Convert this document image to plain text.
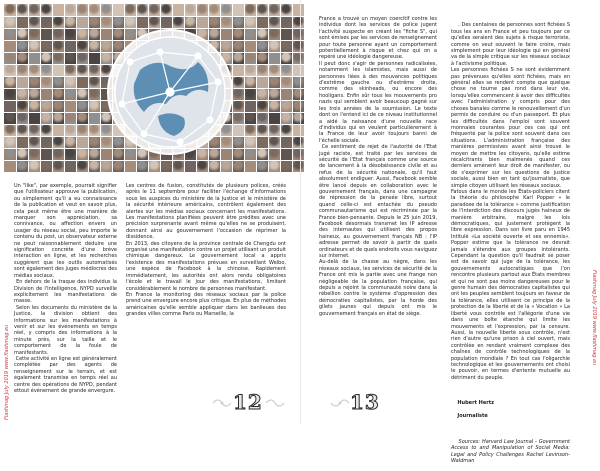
Un "like", par exemple, pourrait signifier que l'utilisateur approuve la publication, ou simplement qu'il a eu connaissance de la publication et veut en savoir plus, cela peut même être une manière de marquer son appréciation, sa connivance, ou affection envers un usager du réseau social, peu importe le contenu du post, un observateur externe ne peut raisonnablement déduire une signification concrète d'une brève interaction en ligne, et les recherches suggèrent que les outils automatisés sont également des juges médiocres des médias sociaux.
En dehors de la traque des individus la Division de l'Intelligence, NYPD surveille explicitement les manifestations de masse.
Selon les documents du ministère de la Justice, la division obtient des informations sur les manifestations à venir et sur les événements en temps réel, y compris des informations à la minute près, sur la taille et le comportement de la foule de manifestants.
Cette activité en ligne est généralement complétée par des agents de renseignement sur le terrain, et est également transmise en temps réel au centre des opérations de NYPD, pendant ettout événement de grande envergure.
Les centres de fusion, constitutés de plusieurs polices, créés après le 11 septembre pour faciliter l'échange d'informations sous les auspices du ministère de la Justice et le ministère de la sécurité intérieure américains, contrôlent également des alertes sur les médias sociaux concernant les manifestations. Les manifestations planifiées peuvent être prédites avec une précision surprenante avant même qu'elles ne se produisent, donnant ainsi au gouvernement l'occasion de réprimer la dissidence.
En 2013, des citoyens de la province centrale de Chengdu ont organisé une manifestation contre un projet utilisant un produit chimique dangereux. Le gouvernement local a appris l'existence des manifestations prévues en surveillant Weibo, une espèce de Facebook à la chinoise. Rapidement immédiatement, les autorités ont alors rendu obligatoires l'école et le travail le jour des manifestations, limitant considérablement le nombre de personnes manifestant.
En France la monitoring des réseaux sociaux par la police prend une envergure encore plus critique. En plus de méthodes américaines qu'elle semble appliquer dans les banlieues des grandes villes comme Paris ou Marseille, la
France a trouvé un moyen coercitif contre les individus dont les services de police jugent l'activité suspecte en créant les "fiche S", qui sont émises par les services de renseignement pour toute personne ayant un comportement potentiellement à risque et chez qui on a repéré une idéologie dangereuse.
Il peut donc s'agir de personnes radicalisées, notamment les islamistes, mais aussi de personnes liées à des mouvances politiques d'extrême gauche ou d'extrême droite, comme des skinheads, ou encore des hooligans. Enfin sûr tous les mouvements pro nazis qui semblent avoir beaucoup gagné sur les trois années de la soumission. Le texte dont on l'entend ici de ce niveau institutionnel a aidé la naissance d'une nouvelle race d'individus qui en veulent particulièrement à la France de leur avoir toujours banni de l'échelle sociale.
Ce sentiment de rejet de l'autorité de l'Etat jugé raciste, est traité par les services de sécurité de l'Etat français comme une source de lancement à la désobéissance civile et au refus de la sécurité nationale, qu'il faut absolument endiguer. Aussi, Facebook semble être lancé depuis en collaboration avec le gouvernement français, dans une campagne de répression de la pensée libre, surtout quand celle-ci est entachée du pseudo communautarisme qui est récriminée par la France bien-pensante. Depuis le 25 juin 2019, Facebook désormais transmet les IP adresse des internautes qui utilisent des propos haineux, au gouvernement français NB : l'IP adresse permet de savoir à partir de quels ordinateurs et de quels endroits vous naviguez sur internet.
Au-delà de la chasse au nègre, dans les réseaux sociaux, les services de sécurité de la France ont mis la partie avec une frange non négligeable de la population française, qui depuis a rejoint la communauté noire dans la rébellion contre le système d'oppression des démocraties capitalistes, par la horde des gilets jaunes qui depuis ont mis le gouvernement français en état de siège.

. Des centaines de personnes sont fichées S tous les ans en France et peu toujours par ce qu'elles seraient des sujets à risque terroriste, comme on veut souvent le faire croire, mais simplement pour leur idéologie qui en général va de la simple critique sur les réseaux sociaux à l'activisme politique.
Les personnes fichées S ne sont évidemment pas prévenues qu'elles sont fichées, mais en général elles se rendent compte que quelque chose ne tourne pas rond dans leur vie, lorsqu'elles commencent à avoir des difficultés avec l'administration y compris pour des choses banales comme le renouvellement d'un permis de conduire ou d'un passeport. Et plus les difficultés dans l'emploi sont souvent monnaies courantes pour ces cas qui ont fréquenté par la police sont souvent dans ces situations. L'administration française des manières permissives avant ainsi trouvé le moyen de mettre les citoyens, qu'elle estime récalcitrants bien malmenés quand ces derniers amènent leur droit de manifester, ou de s'exprimer sur les questions de justice sociale, aussi bien en tant qu'journaliste, que simple citoyen utilisant les réseaux sociaux.
Fatous dans le monde les États-policiers citent la théorie du philosophe Karl Popper « le paradoxe de la tolérance » comme justification de l'interdiction des discours jugés haineux de manière arbitraire, malgré les lois démocratiques, qui justement protègent la libre expression. Dans son livre paru en 1945 Intitulé «La société ouverte et ses ennemis». Popper estime que la tolérance ne devrait jamais s'étendre aux groupes intolérants. Cependant la question qu'il faudrait se poser est de savoir qui juge de la tolérance, les gouvernements autocratiques que l'on rencontre plusieurs partout aux États membres et qui ne sont pas moins dangereuses pour le genre humain des démocraties capitalistes qui ont les peuples semblent toujours en faveur de la tolérance, elles utilisent ce principe de la protection de la liberté et de la « Vocation » La liberté vous contrôle est l'allégorie d'une vie dans une boîte étanche qui limite les mouvements et l'expression, par la censure. Aussi, la nouvelle liberté sous contrôle, n'est rien d'autre qu'une prison à ciel ouvert, mais contrôlée en rendant vraiment complexe des chaînes de contrôle technologiques de la population mondiale ? En tout cas l'oligarchie technologique et les gouvernements ont choisi le pouvoir, en termes d'entente mutuelle au détriment du peuple.

Hubert Hertz

Journaliste

Sources: Harvard Law Journal - Government Access to and Manipulation of Social Media: Legal and Policy Challenges Rachel Levinson-Waldman

12	13
Flashmag July 2019 www.flashmag.eu
Flashmag July 2019 www.flashmag.eu
